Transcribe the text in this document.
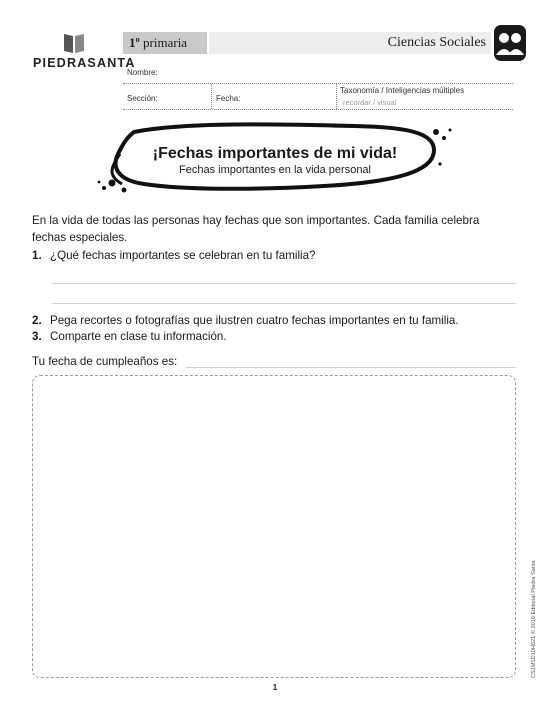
PIEDRASANTA
1º primaria	Ciencias Sociales
Nombre:
Sección:	Fecha:
Taxonomía / Inteligencias múltiples
recordar / visual
¡Fechas importantes de mi vida!
Fechas importantes en la vida personal
En la vida de todas las personas hay fechas que son importantes. Cada familia celebra fechas especiales.
1. ¿Qué fechas importantes se celebran en tu familia?
2. Pega recortes o fotografías que ilustren cuatro fechas importantes en tu familia.
3. Comparte en clase tu información.
Tu fecha de cumpleaños es:
CS1M1D10H021 © 2016 Editorial Piedra Santa
1
